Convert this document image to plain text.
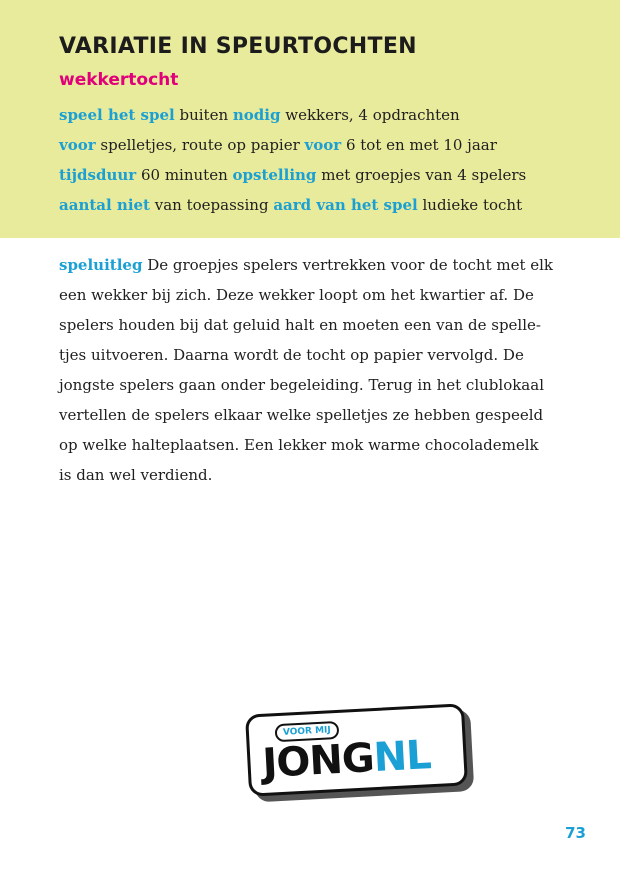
VARIATIE IN SPEURTOCHTEN
wekkertocht
speel het spel buiten nodig wekkers, 4 opdrachten
voor spelletjes, route op papier voor 6 tot en met 10 jaar
tijdsduur 60 minuten opstelling met groepjes van 4 spelers
aantal niet van toepassing aard van het spel ludieke tocht
speluitleg De groepjes spelers vertrekken voor de tocht met elk
een wekker bij zich. Deze wekker loopt om het kwartier af. De
spelers houden bij dat geluid halt en moeten een van de spelle-
tjes uitvoeren. Daarna wordt de tocht op papier vervolgd. De
jongste spelers gaan onder begeleiding. Terug in het clublokaal
vertellen de spelers elkaar welke spelletjes ze hebben gespeeld
op welke halteplaatsen. Een lekker mok warme chocolademelk
is dan wel verdiend.
VOOR MIJ
JONGNL
73
